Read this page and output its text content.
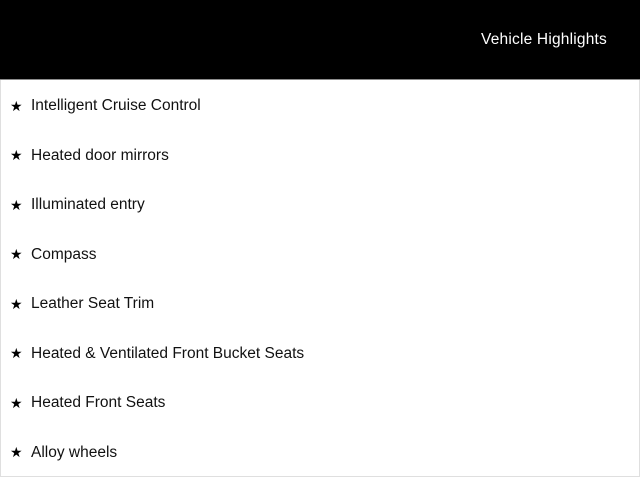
Vehicle Highlights
★ Intelligent Cruise Control
★ Heated door mirrors
★ Illuminated entry
★ Compass
★ Leather Seat Trim
★ Heated & Ventilated Front Bucket Seats
★ Heated Front Seats
★ Alloy wheels
